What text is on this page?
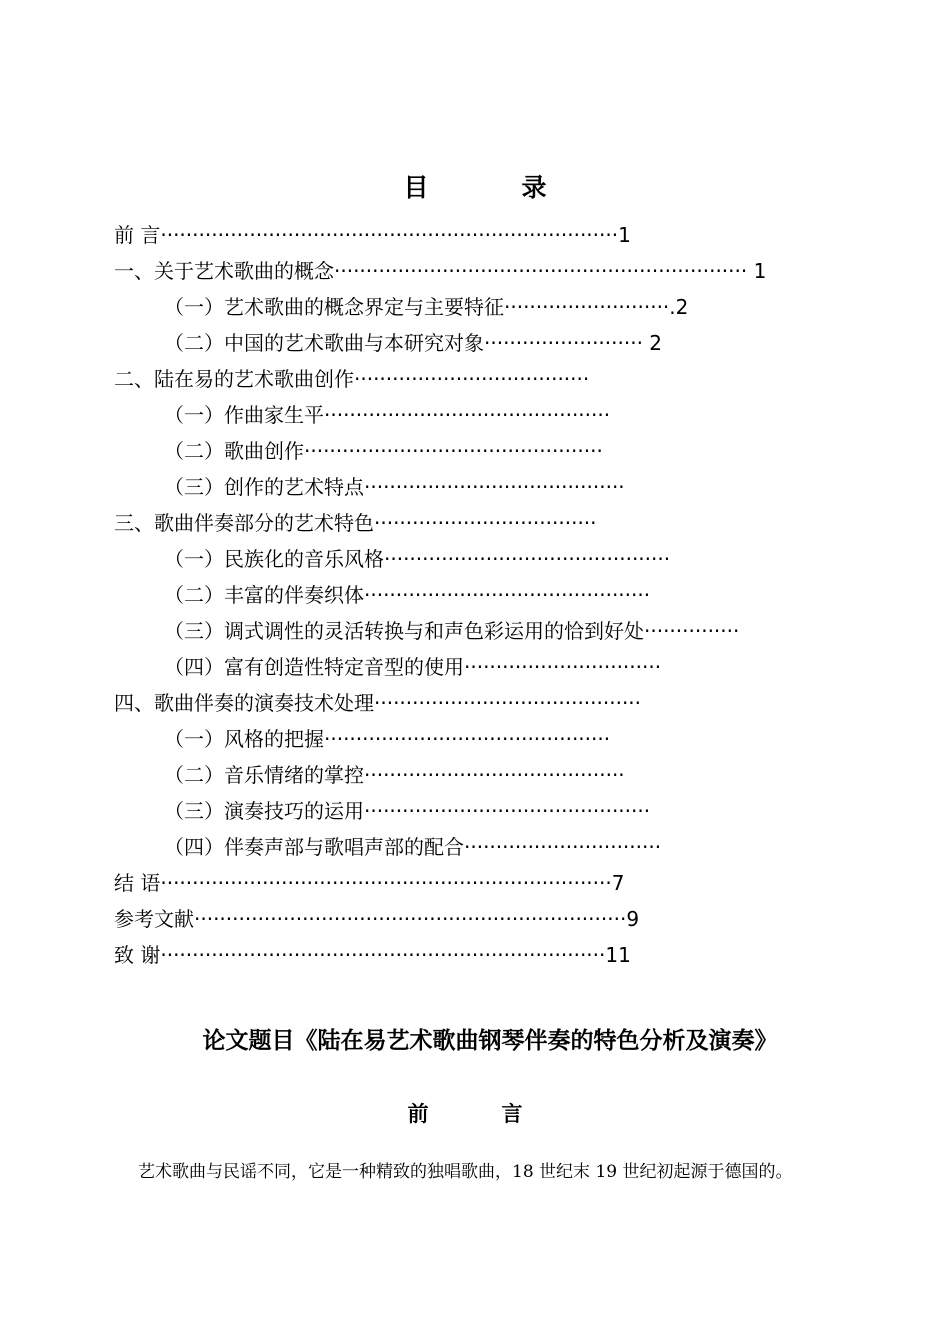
目　录
前 言········································································1
一、关于艺术歌曲的概念································································· 1
（一）艺术歌曲的概念界定与主要特征··························.2
（二）中国的艺术歌曲与本研究对象························· 2
二、陆在易的艺术歌曲创作·····································
（一）作曲家生平·············································
（二）歌曲创作···············································
（三）创作的艺术特点·········································
三、歌曲伴奏部分的艺术特色···································
（一）民族化的音乐风格·············································
（二）丰富的伴奏织体·············································
（三）调式调性的灵活转换与和声色彩运用的恰到好处···············
（四）富有创造性特定音型的使用·······························
四、歌曲伴奏的演奏技术处理··········································
（一）风格的把握·············································
（二）音乐情绪的掌控·········································
（三）演奏技巧的运用·············································
（四）伴奏声部与歌唱声部的配合·······························
结 语·······································································7
参考文献····································································9
致 谢······································································11
论文题目《陆在易艺术歌曲钢琴伴奏的特色分析及演奏》
前　言
艺术歌曲与民谣不同，它是一种精致的独唱歌曲，18 世纪末 19 世纪初起源于德国的。
